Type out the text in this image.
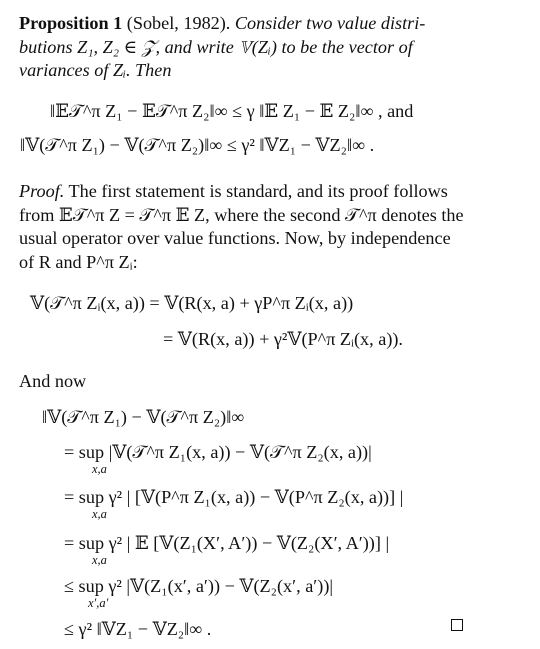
Proposition 1 (Sobel, 1982). Consider two value distri-
butions Z₁, Z₂ ∈ 𝒵, and write 𝕍(Zᵢ) to be the vector of
variances of Zᵢ. Then
‖𝔼𝒯^π Z₁ − 𝔼𝒯^π Z₂‖∞ ≤ γ ‖𝔼 Z₁ − 𝔼 Z₂‖∞ , and
‖𝕍(𝒯^π Z₁) − 𝕍(𝒯^π Z₂)‖∞ ≤ γ² ‖𝕍Z₁ − 𝕍Z₂‖∞ .
Proof. The first statement is standard, and its proof follows
from 𝔼𝒯^π Z = 𝒯^π 𝔼 Z, where the second 𝒯^π denotes the
usual operator over value functions. Now, by independence
of R and P^π Zᵢ:
𝕍(𝒯^π Zᵢ(x, a)) = 𝕍(R(x, a) + γP^π Zᵢ(x, a))
= 𝕍(R(x, a)) + γ²𝕍(P^π Zᵢ(x, a)).
And now
‖𝕍(𝒯^π Z₁) − 𝕍(𝒯^π Z₂)‖∞
= sup |𝕍(𝒯^π Z₁(x, a)) − 𝕍(𝒯^π Z₂(x, a))|
x,a
= sup γ² | [𝕍(P^π Z₁(x, a)) − 𝕍(P^π Z₂(x, a))] |
x,a
= sup γ² | 𝔼 [𝕍(Z₁(X′, A′)) − 𝕍(Z₂(X′, A′))] |
x,a
≤ sup γ² |𝕍(Z₁(x′, a′)) − 𝕍(Z₂(x′, a′))|
x′,a′
≤ γ² ‖𝕍Z₁ − 𝕍Z₂‖∞ .
